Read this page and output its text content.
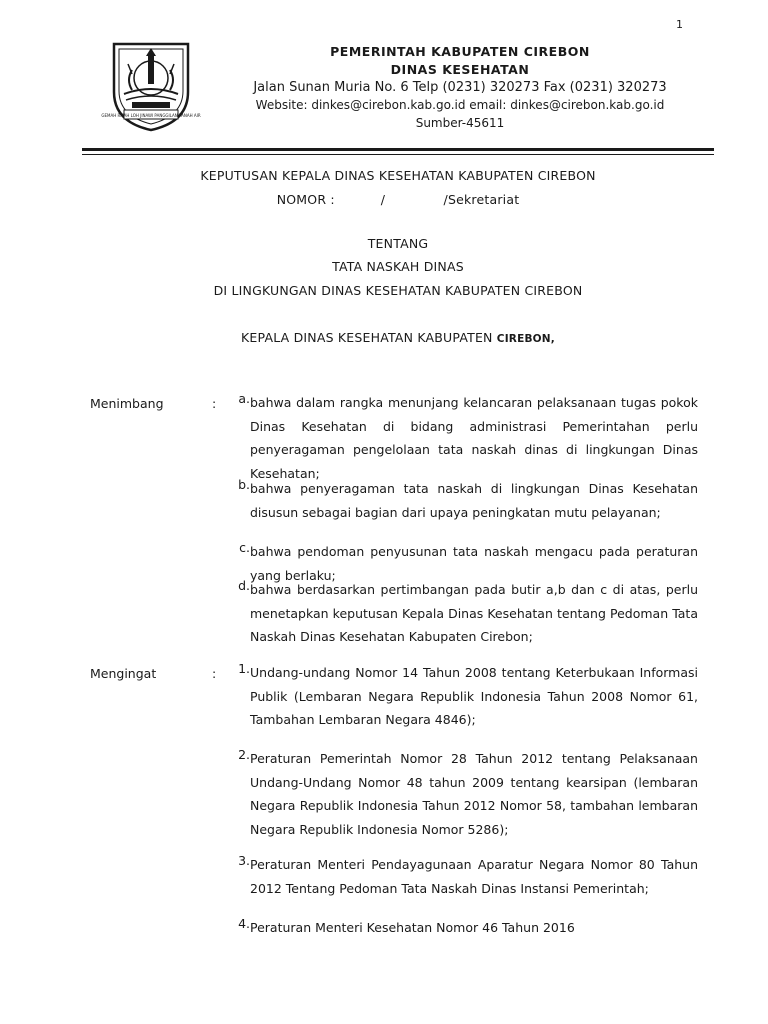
1
GEMAH RIPAH LOH JINAWI PANGGILAN TANAH AIR
PEMERINTAH KABUPATEN CIREBON
DINAS KESEHATAN
Jalan Sunan Muria No. 6 Telp (0231) 320273 Fax (0231) 320273
Website: dinkes@cirebon.kab.go.id email: dinkes@cirebon.kab.go.id
Sumber-45611
KEPUTUSAN KEPALA DINAS KESEHATAN KABUPATEN CIREBON
NOMOR :           /              /Sekretariat
TENTANG
TATA NASKAH DINAS
DI LINGKUNGAN DINAS KESEHATAN KABUPATEN CIREBON
KEPALA DINAS KESEHATAN KABUPATEN CIREBON,
Menimbang	:	a. bahwa dalam rangka menunjang kelancaran pelaksanaan tugas pokok Dinas Kesehatan di bidang administrasi Pemerintahan perlu penyeragaman pengelolaan tata naskah dinas di lingkungan Dinas Kesehatan;
b. bahwa penyeragaman tata naskah di lingkungan Dinas Kesehatan disusun sebagai bagian dari upaya peningkatan mutu pelayanan;
c. bahwa pendoman penyusunan tata naskah mengacu pada peraturan yang berlaku;
d. bahwa berdasarkan pertimbangan pada butir a,b dan c di atas, perlu menetapkan keputusan Kepala Dinas Kesehatan tentang Pedoman Tata Naskah Dinas Kesehatan Kabupaten Cirebon;
Mengingat	:	1. Undang-undang Nomor 14 Tahun 2008 tentang Keterbukaan Informasi Publik (Lembaran Negara Republik Indonesia Tahun 2008 Nomor 61, Tambahan Lembaran Negara 4846);
2. Peraturan Pemerintah Nomor 28 Tahun 2012 tentang Pelaksanaan Undang-Undang Nomor 48 tahun 2009 tentang kearsipan (lembaran Negara Republik Indonesia Tahun 2012 Nomor 58, tambahan lembaran Negara Republik Indonesia Nomor 5286);
3. Peraturan Menteri Pendayagunaan Aparatur Negara Nomor 80 Tahun 2012 Tentang Pedoman Tata Naskah Dinas Instansi Pemerintah;
4. Peraturan Menteri Kesehatan Nomor 46 Tahun 2016
